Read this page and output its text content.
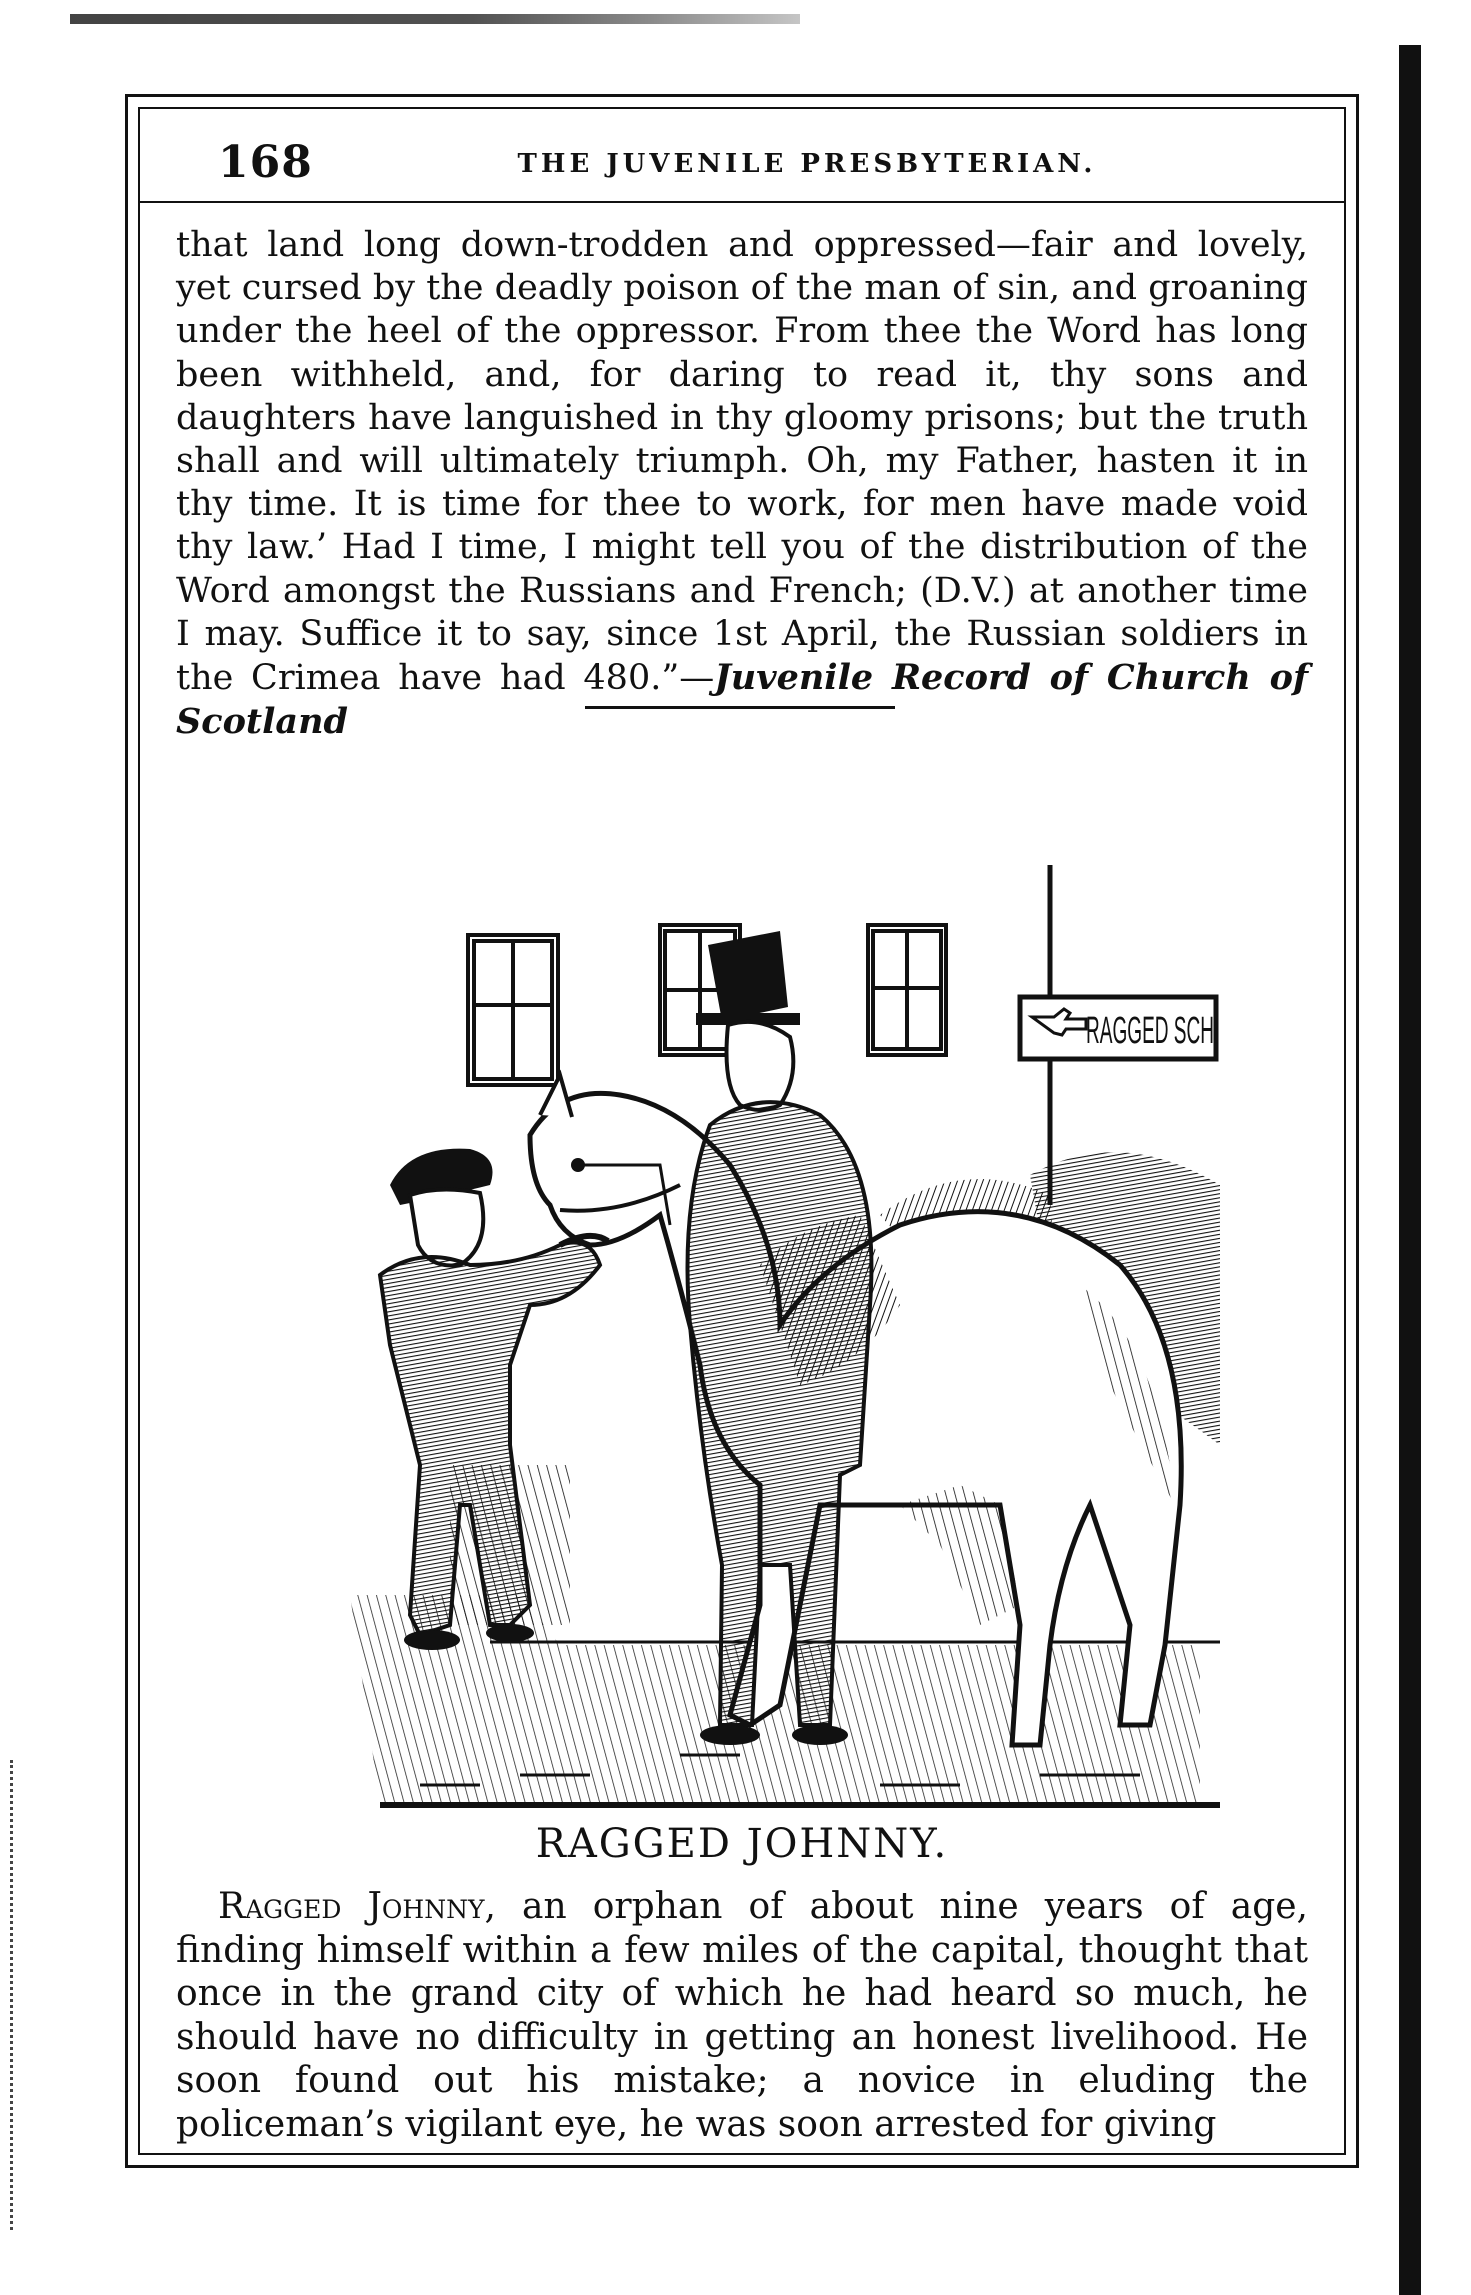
168	THE JUVENILE PRESBYTERIAN.

that land long down-trodden and oppressed—fair and lovely, yet cursed by the deadly poison of the man of sin, and groaning under the heel of the oppressor. From thee the Word has long been withheld, and, for daring to read it, thy sons and daughters have languished in thy gloomy prisons; but the truth shall and will ultimately triumph. Oh, my Father, hasten it in thy time. It is time for thee to work, for men have made void thy law.’ Had I time, I might tell you of the distribution of the Word amongst the Russians and French; (D.V.) at another time I may. Suffice it to say, since 1st April, the Russian soldiers in the Crimea have had 480.”—Juvenile Record of Church of Scotland

RAGGED SCH
RAGGED JOHNNY.

Ragged Johnny, an orphan of about nine years of age, finding himself within a few miles of the capital, thought that once in the grand city of which he had heard so much, he should have no difficulty in getting an honest livelihood. He soon found out his mistake; a novice in eluding the policeman’s vigilant eye, he was soon arrested for giving
